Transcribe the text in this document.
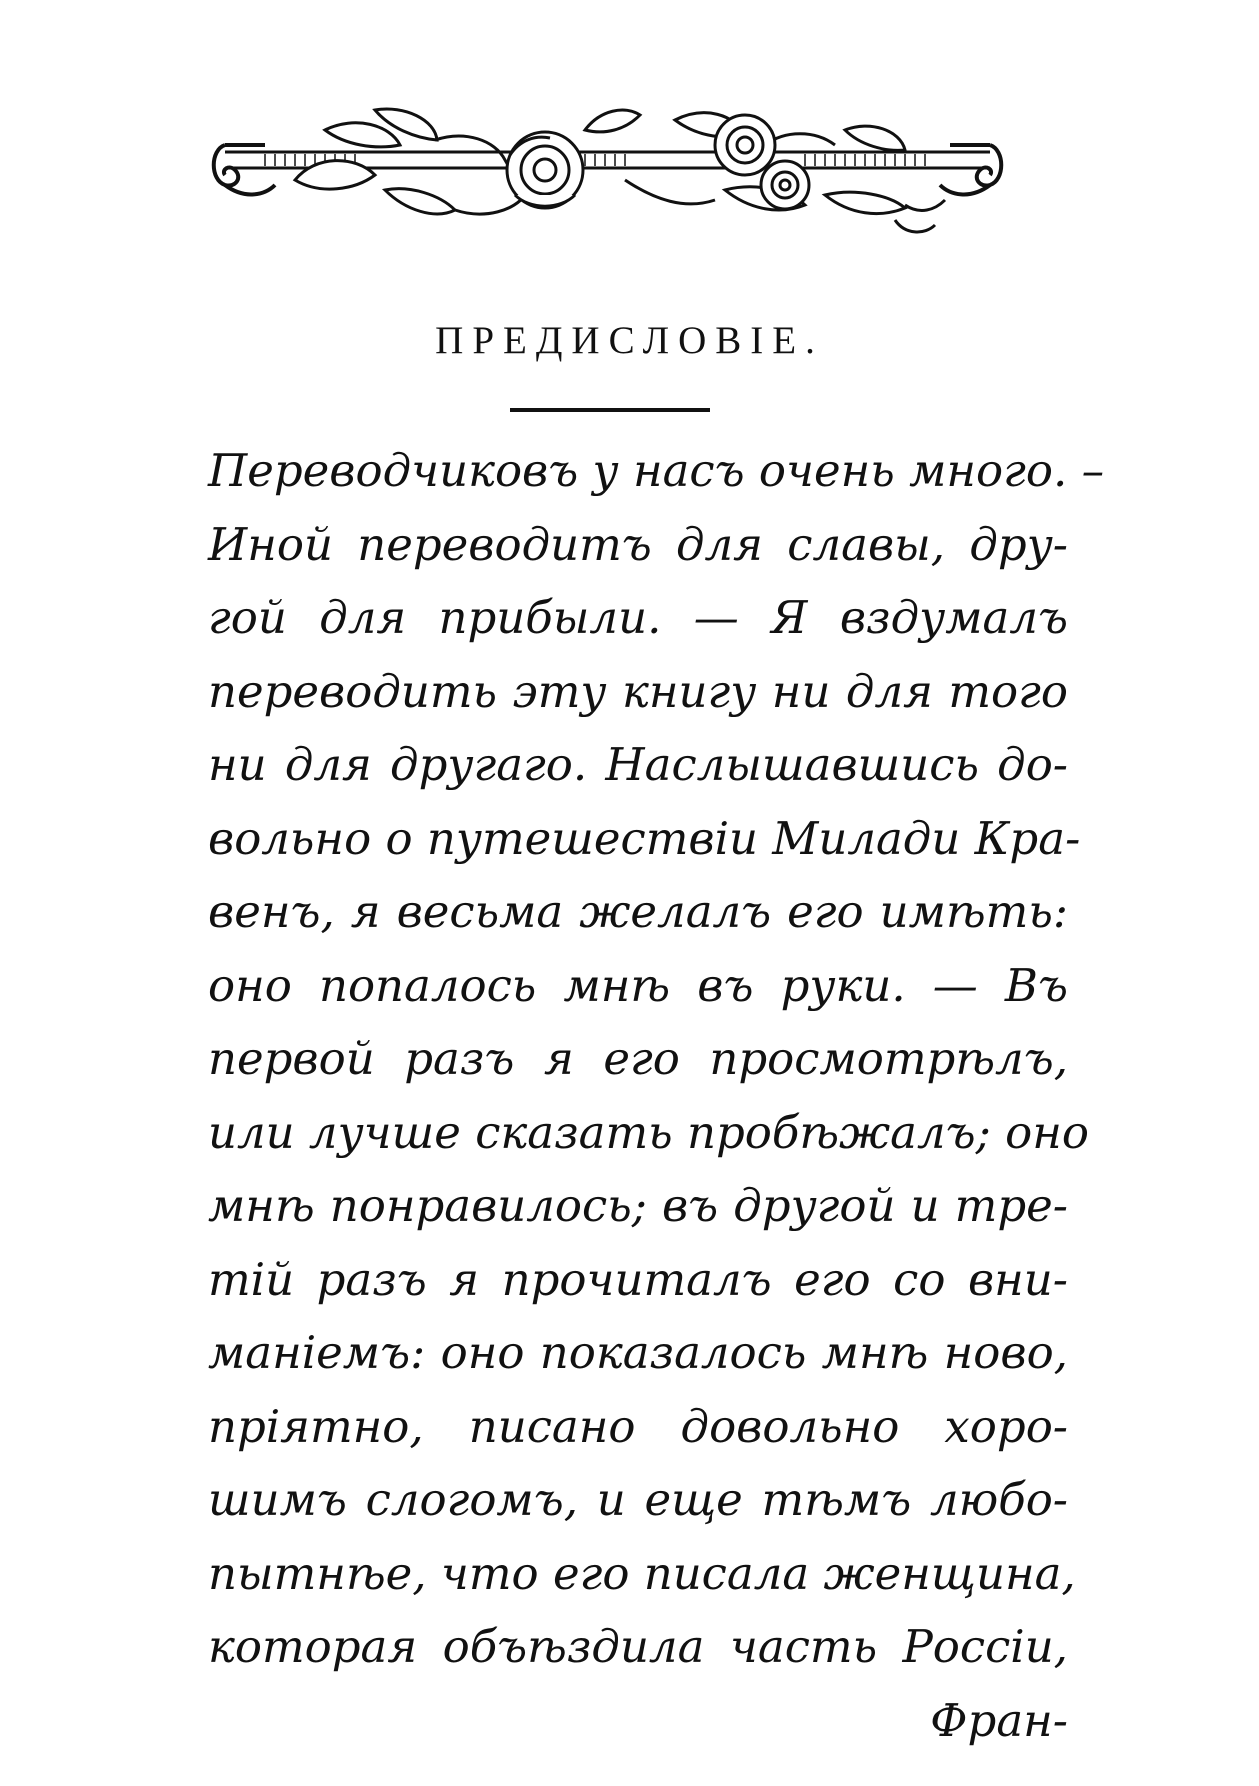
ПРЕДИСЛОВІЕ.
Переводчиковъ у насъ очень много. –
Иной переводитъ для славы, дру-
гой для прибыли. — Я вздумалъ
переводить эту книгу ни для того
ни для другаго. Наслышавшись до-
вольно о путешествіи Милади Кра-
венъ, я весьма желалъ его имѣть:
оно попалось мнѣ въ руки. — Въ
первой разъ я его просмотрѣлъ,
или лучше сказать пробѣжалъ; оно
мнѣ понравилось; въ другой и тре-
тій разъ я прочиталъ его со вни-
маніемъ: оно показалось мнѣ ново,
пріятно, писано довольно хоро-
шимъ слогомъ, и еще тѣмъ любо-
пытнѣе, что его писала женщина,
которая объѣздила часть Россіи,
Фран-
